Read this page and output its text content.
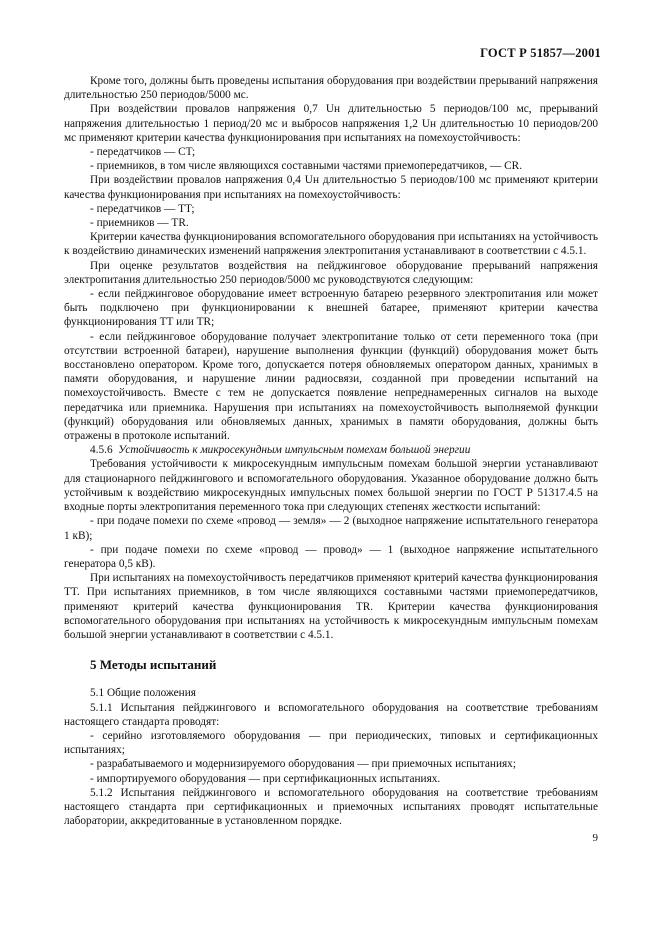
ГОСТ Р 51857—2001

Кроме того, должны быть проведены испытания оборудования при воздействии прерываний напряжения длительностью 250 периодов/5000 мс.

При воздействии провалов напряжения 0,7 Uн длительностью 5 периодов/100 мс, прерываний напряжения длительностью 1 период/20 мс и выбросов напряжения 1,2 Uн длительностью 10 периодов/200 мс применяют критерии качества функционирования при испытаниях на помехоустойчивость:

- передатчиков — CT;

- приемников, в том числе являющихся составными частями приемопередатчиков, — CR.

При воздействии провалов напряжения 0,4 Uн длительностью 5 периодов/100 мс применяют критерии качества функционирования при испытаниях на помехоустойчивость:

- передатчиков — TT;

- приемников — TR.

Критерии качества функционирования вспомогательного оборудования при испытаниях на устойчивость к воздействию динамических изменений напряжения электропитания устанавливают в соответствии с 4.5.1.

При оценке результатов воздействия на пейджинговое оборудование прерываний напряжения электропитания длительностью 250 периодов/5000 мс руководствуются следующим:

- если пейджинговое оборудование имеет встроенную батарею резервного электропитания или может быть подключено при функционировании к внешней батарее, применяют критерии качества функционирования TT или TR;

- если пейджинговое оборудование получает электропитание только от сети переменного тока (при отсутствии встроенной батареи), нарушение выполнения функции (функций) оборудования может быть восстановлено оператором. Кроме того, допускается потеря обновляемых оператором данных, хранимых в памяти оборудования, и нарушение линии радиосвязи, созданной при проведении испытаний на помехоустойчивость. Вместе с тем не допускается появление непреднамеренных сигналов на выходе передатчика или приемника. Нарушения при испытаниях на помехоустойчивость выполняемой функции (функций) оборудования или обновляемых данных, хранимых в памяти оборудования, должны быть отражены в протоколе испытаний.

4.5.6 Устойчивость к микросекундным импульсным помехам большой энергии

Требования устойчивости к микросекундным импульсным помехам большой энергии устанавливают для стационарного пейджингового и вспомогательного оборудования. Указанное оборудование должно быть устойчивым к воздействию микросекундных импульсных помех большой энергии по ГОСТ Р 51317.4.5 на входные порты электропитания переменного тока при следующих степенях жесткости испытаний:

- при подаче помехи по схеме «провод — земля» — 2 (выходное напряжение испытательного генератора 1 кВ);

- при подаче помехи по схеме «провод — провод» — 1 (выходное напряжение испытательного генератора 0,5 кВ).

При испытаниях на помехоустойчивость передатчиков применяют критерий качества функционирования TT. При испытаниях приемников, в том числе являющихся составными частями приемопередатчиков, применяют критерий качества функционирования TR. Критерии качества функционирования вспомогательного оборудования при испытаниях на устойчивость к микросекундным импульсным помехам большой энергии устанавливают в соответствии с 4.5.1.

5 Методы испытаний

5.1 Общие положения

5.1.1 Испытания пейджингового и вспомогательного оборудования на соответствие требованиям настоящего стандарта проводят:

- серийно изготовляемого оборудования — при периодических, типовых и сертификационных испытаниях;

- разрабатываемого и модернизируемого оборудования — при приемочных испытаниях;

- импортируемого оборудования — при сертификационных испытаниях.

5.1.2 Испытания пейджингового и вспомогательного оборудования на соответствие требованиям настоящего стандарта при сертификационных и приемочных испытаниях проводят испытательные лаборатории, аккредитованные в установленном порядке.

9
